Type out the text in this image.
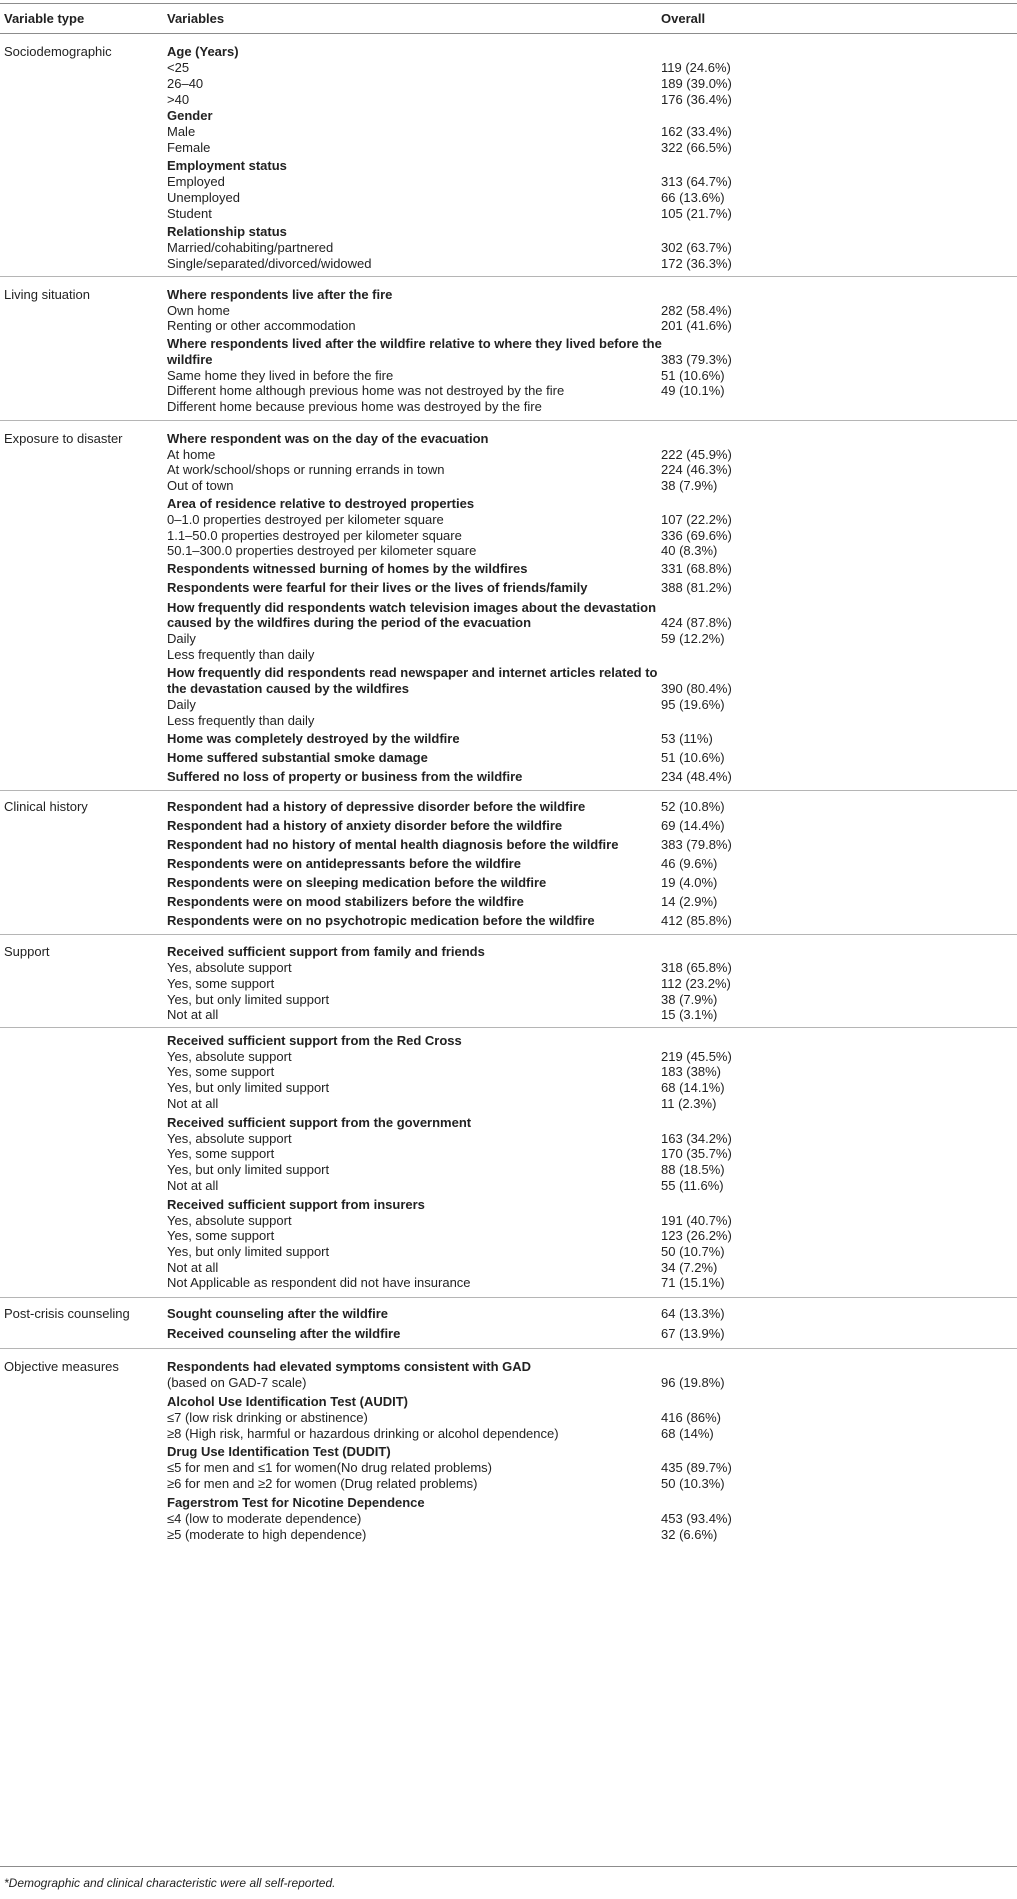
Variable type	Variables	Overall
Sociodemographic	Age (Years)
<25	119 (24.6%)
26–40	189 (39.0%)
>40	176 (36.4%)
Gender
Male	162 (33.4%)
Female	322 (66.5%)
Employment status
Employed	313 (64.7%)
Unemployed	66 (13.6%)
Student	105 (21.7%)
Relationship status
Married/cohabiting/partnered	302 (63.7%)
Single/separated/divorced/widowed	172 (36.3%)
Living situation	Where respondents live after the fire
Own home	282 (58.4%)
Renting or other accommodation	201 (41.6%)
Where respondents lived after the wildfire relative to where they lived before the
wildfire	383 (79.3%)
Same home they lived in before the fire	51 (10.6%)
Different home although previous home was not destroyed by the fire	49 (10.1%)
Different home because previous home was destroyed by the fire
Exposure to disaster	Where respondent was on the day of the evacuation
At home	222 (45.9%)
At work/school/shops or running errands in town	224 (46.3%)
Out of town	38 (7.9%)
Area of residence relative to destroyed properties
0–1.0 properties destroyed per kilometer square	107 (22.2%)
1.1–50.0 properties destroyed per kilometer square	336 (69.6%)
50.1–300.0 properties destroyed per kilometer square	40 (8.3%)
Respondents witnessed burning of homes by the wildfires	331 (68.8%)
Respondents were fearful for their lives or the lives of friends/family	388 (81.2%)
How frequently did respondents watch television images about the devastation
caused by the wildfires during the period of the evacuation	424 (87.8%)
Daily	59 (12.2%)
Less frequently than daily
How frequently did respondents read newspaper and internet articles related to
the devastation caused by the wildfires	390 (80.4%)
Daily	95 (19.6%)
Less frequently than daily
Home was completely destroyed by the wildfire	53 (11%)
Home suffered substantial smoke damage	51 (10.6%)
Suffered no loss of property or business from the wildfire	234 (48.4%)
Clinical history	Respondent had a history of depressive disorder before the wildfire	52 (10.8%)
Respondent had a history of anxiety disorder before the wildfire	69 (14.4%)
Respondent had no history of mental health diagnosis before the wildfire	383 (79.8%)
Respondents were on antidepressants before the wildfire	46 (9.6%)
Respondents were on sleeping medication before the wildfire	19 (4.0%)
Respondents were on mood stabilizers before the wildfire	14 (2.9%)
Respondents were on no psychotropic medication before the wildfire	412 (85.8%)
Support	Received sufficient support from family and friends
Yes, absolute support	318 (65.8%)
Yes, some support	112 (23.2%)
Yes, but only limited support	38 (7.9%)
Not at all	15 (3.1%)
Received sufficient support from the Red Cross
Yes, absolute support	219 (45.5%)
Yes, some support	183 (38%)
Yes, but only limited support	68 (14.1%)
Not at all	11 (2.3%)
Received sufficient support from the government
Yes, absolute support	163 (34.2%)
Yes, some support	170 (35.7%)
Yes, but only limited support	88 (18.5%)
Not at all	55 (11.6%)
Received sufficient support from insurers
Yes, absolute support	191 (40.7%)
Yes, some support	123 (26.2%)
Yes, but only limited support	50 (10.7%)
Not at all	34 (7.2%)
Not Applicable as respondent did not have insurance	71 (15.1%)
Post-crisis counseling	Sought counseling after the wildfire	64 (13.3%)
Received counseling after the wildfire	67 (13.9%)
Objective measures	Respondents had elevated symptoms consistent with GAD
(based on GAD-7 scale)	96 (19.8%)
Alcohol Use Identification Test (AUDIT)
≤7 (low risk drinking or abstinence)	416 (86%)
≥8 (High risk, harmful or hazardous drinking or alcohol dependence)	68 (14%)
Drug Use Identification Test (DUDIT)
≤5 for men and ≤1 for women(No drug related problems)	435 (89.7%)
≥6 for men and ≥2 for women (Drug related problems)	50 (10.3%)
Fagerstrom Test for Nicotine Dependence
≤4 (low to moderate dependence)	453 (93.4%)
≥5 (moderate to high dependence)	32 (6.6%)
*Demographic and clinical characteristic were all self-reported.
